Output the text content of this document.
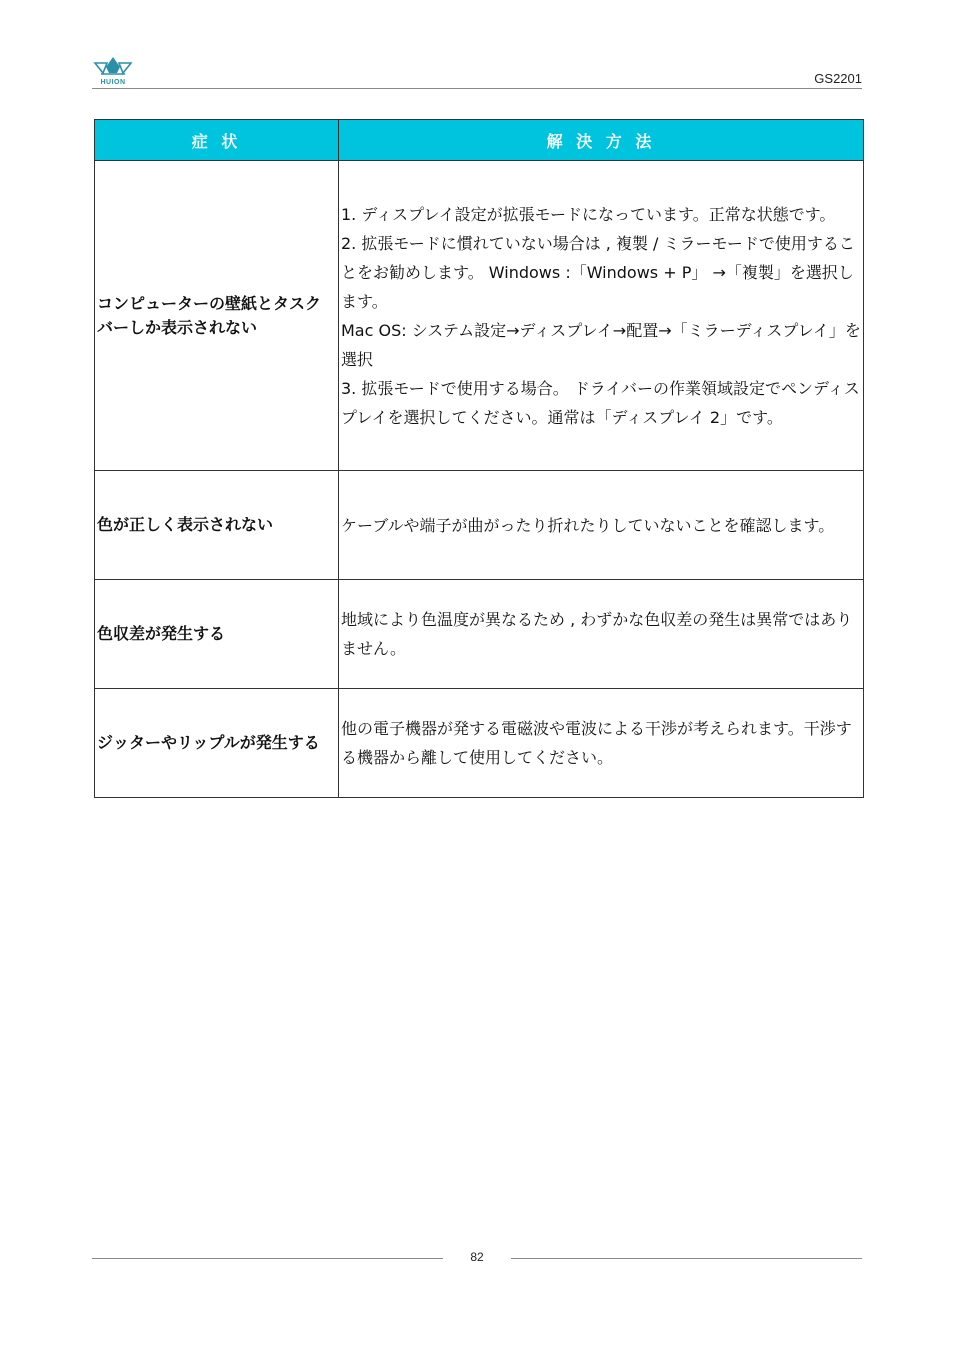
HUION	GS2201
症 状	解 決 方 法
コンピューターの壁紙とタスクバーしか表示されない	1. ディスプレイ設定が拡張モードになっています。正常な状態です。
2. 拡張モードに慣れていない場合は , 複製 / ミラーモードで使用することをお勧めします。 Windows :「Windows + P」 →「複製」を選択します。
Mac OS: システム設定→ディスプレイ→配置→「ミラーディスプレイ」を選択
3. 拡張モードで使用する場合。 ドライバーの作業領域設定でペンディスプレイを選択してください。通常は「ディスプレイ 2」です。

色が正しく表示されない	ケーブルや端子が曲がったり折れたりしていないことを確認します。

色収差が発生する	地域により色温度が異なるため , わずかな色収差の発生は異常ではありません。

ジッターやリップルが発生する	他の電子機器が発する電磁波や電波による干渉が考えられます。干渉する機器から離して使用してください。
82
